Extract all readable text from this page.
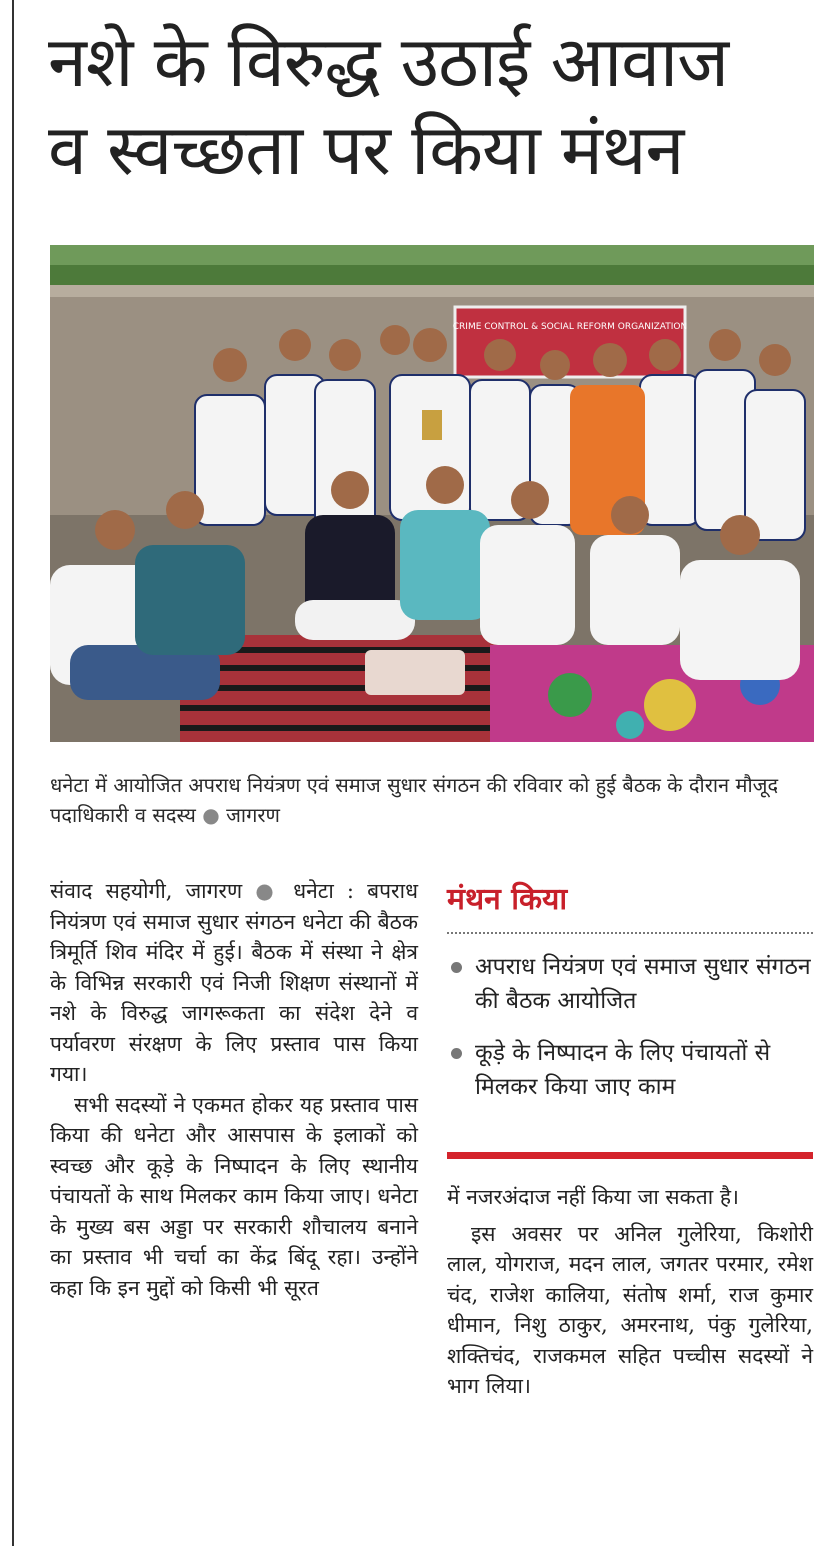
नशे के विरुद्ध उठाई आवाज
व स्वच्छता पर किया मंथन
CRIME CONTROL & SOCIAL REFORM ORGANIZATION
धनेटा में आयोजित अपराध नियंत्रण एवं समाज सुधार संगठन की रविवार को हुई बैठक के दौरान मौजूद पदाधिकारी व सदस्य ● जागरण

संवाद सहयोगी, जागरण ● धनेटा : बपराध नियंत्रण एवं समाज सुधार संगठन धनेटा की बैठक त्रिमूर्ति शिव मंदिर में हुई। बैठक में संस्था ने क्षेत्र के विभिन्न सरकारी एवं निजी शिक्षण संस्थानों में नशे के विरुद्ध जागरूकता का संदेश देने व पर्यावरण संरक्षण के लिए प्रस्ताव पास किया गया।

सभी सदस्यों ने एकमत होकर यह प्रस्ताव पास किया की धनेटा और आसपास के इलाकों को स्वच्छ और कूड़े के निष्पादन के लिए स्थानीय पंचायतों के साथ मिलकर काम किया जाए। धनेटा के मुख्य बस अड्डा पर सरकारी शौचालय बनाने का प्रस्ताव भी चर्चा का केंद्र बिंदू रहा। उन्होंने कहा कि इन मुद्दों को किसी भी सूरत

मंथन किया
अपराध नियंत्रण एवं समाज सुधार संगठन की बैठक आयोजित
कूड़े के निष्पादन के लिए पंचायतों से मिलकर किया जाए काम

में नजरअंदाज नहीं किया जा सकता है।

इस अवसर पर अनिल गुलेरिया, किशोरी लाल, योगराज, मदन लाल, जगतर परमार, रमेश चंद, राजेश कालिया, संतोष शर्मा, राज कुमार धीमान, निशु ठाकुर, अमरनाथ, पंकु गुलेरिया, शक्तिचंद, राजकमल सहित पच्चीस सदस्यों ने भाग लिया।
